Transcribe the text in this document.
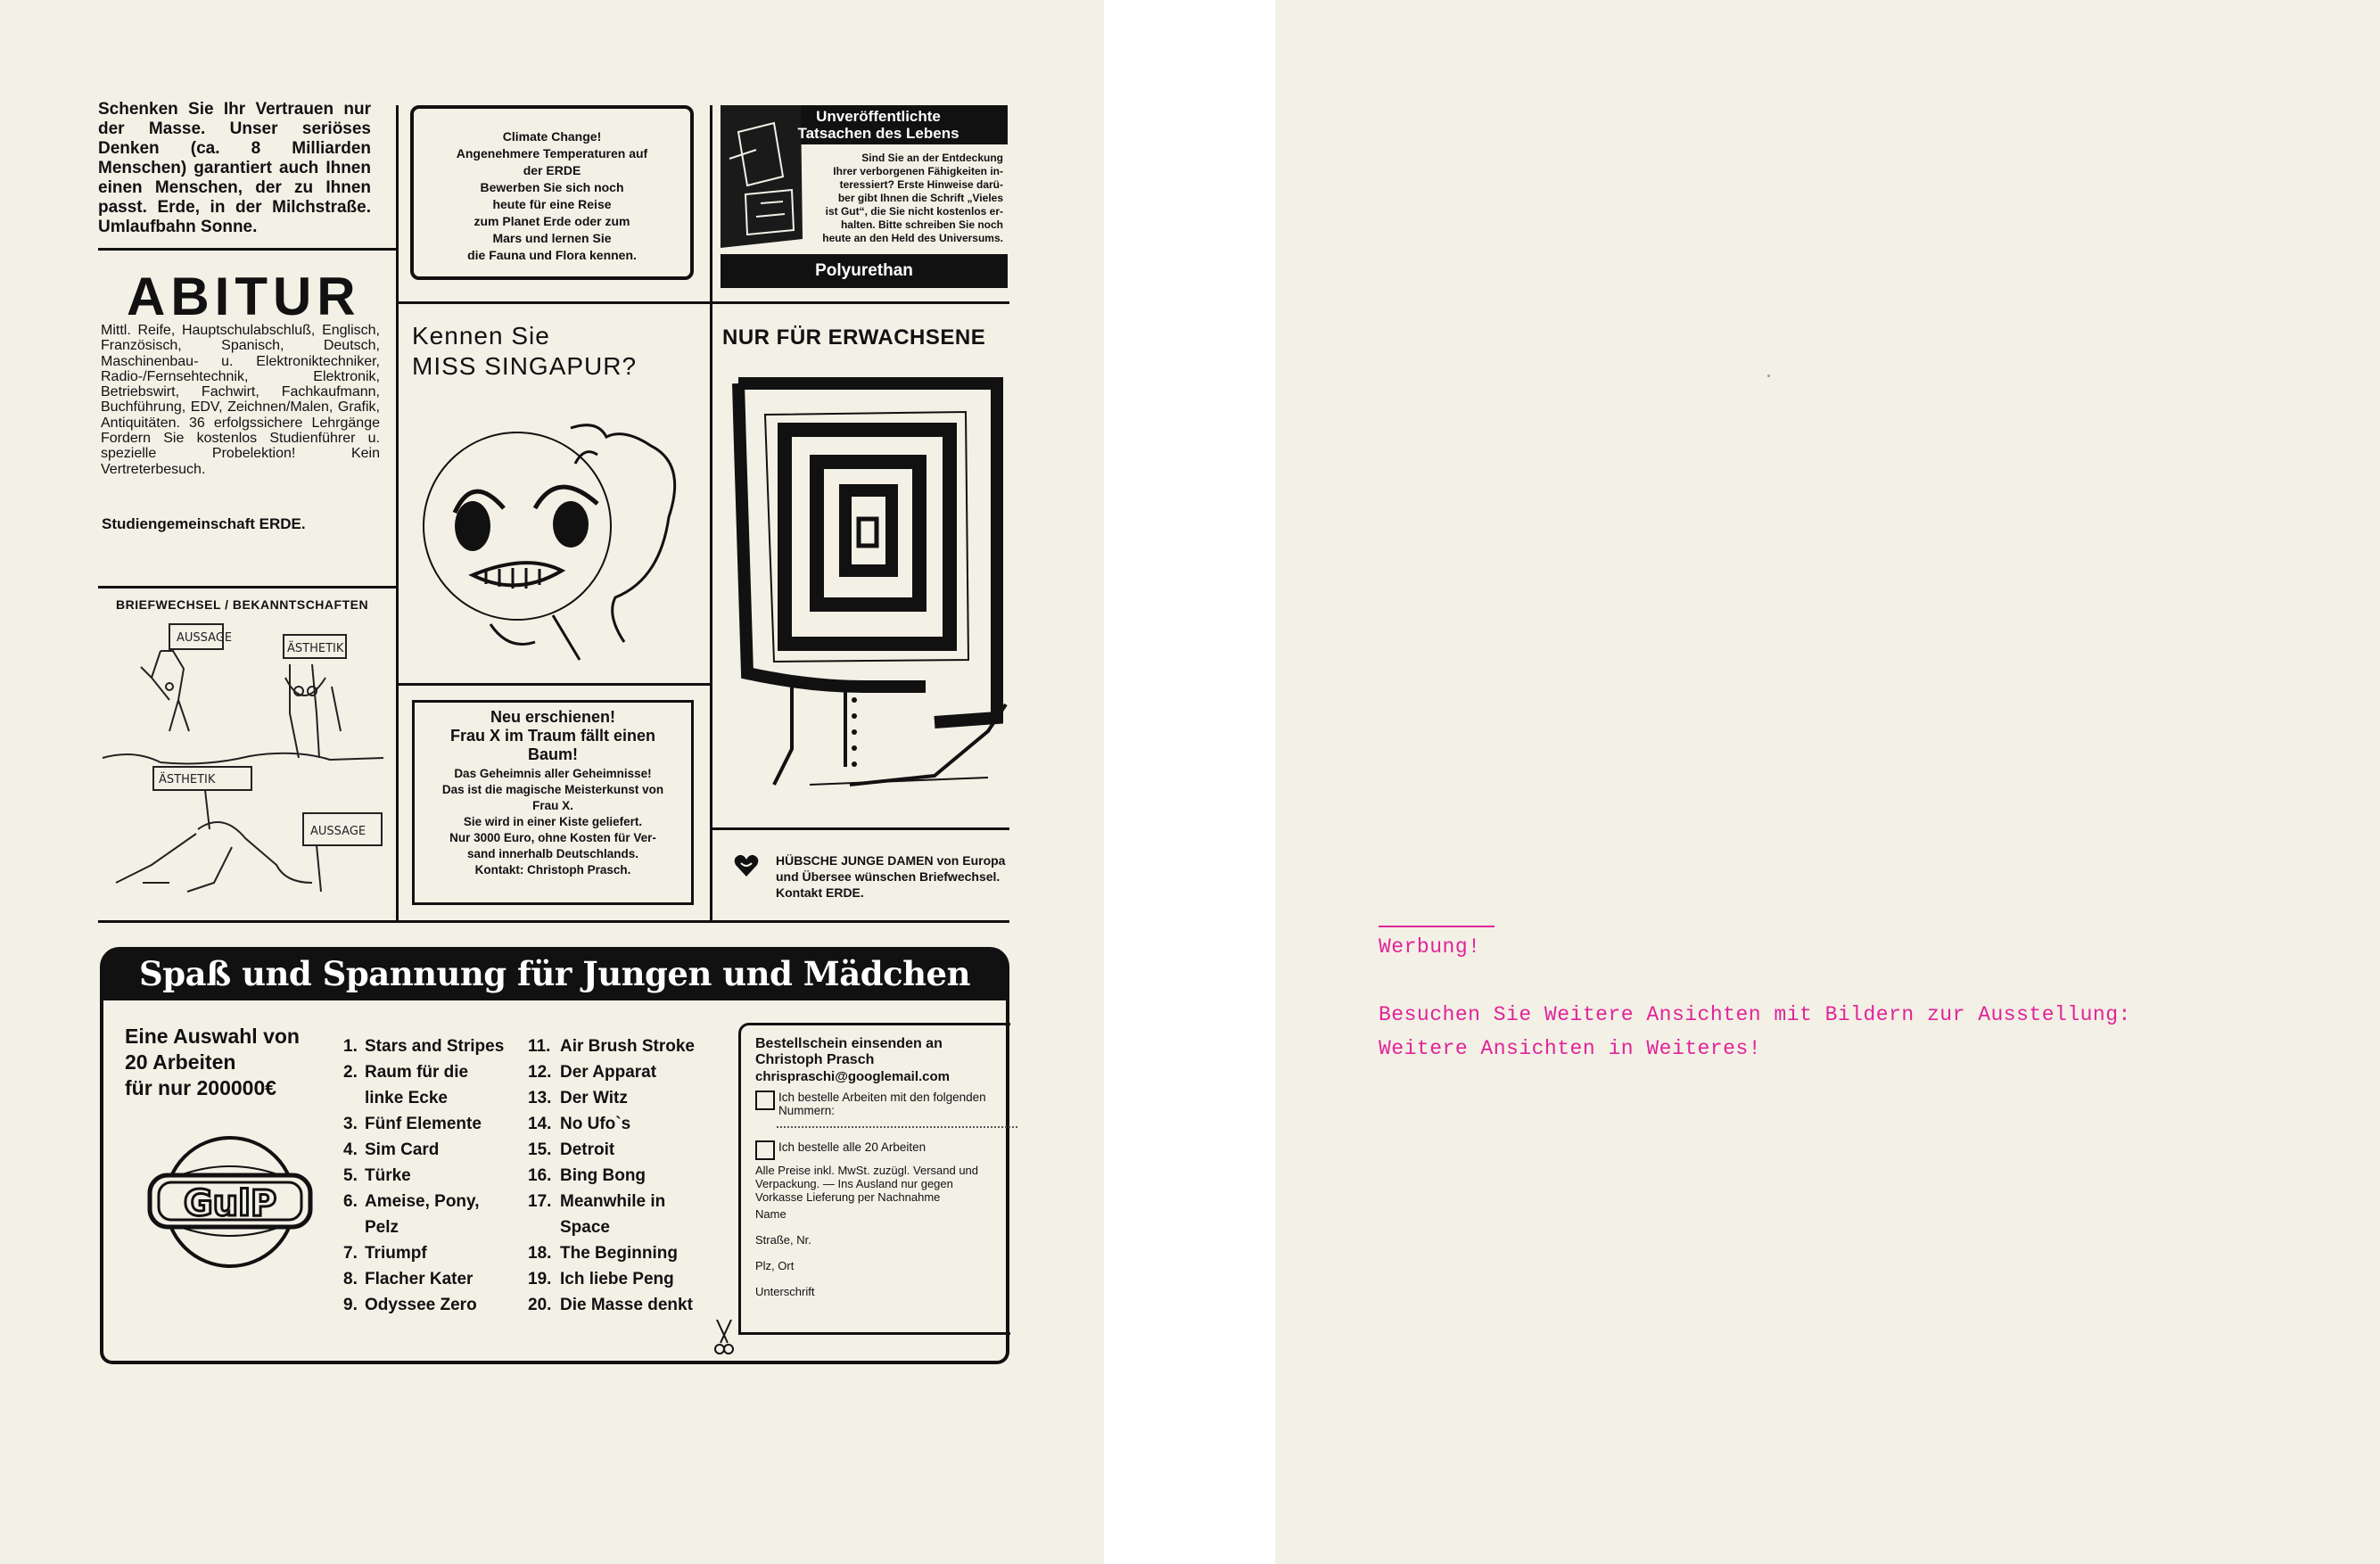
Schenken Sie Ihr Vertrauen nur der Masse. Unser seriöses Denken (ca. 8 Milliarden Menschen) garantiert auch Ihnen einen Menschen, der zu Ihnen passt. Erde, in der Milchstraße. Umlaufbahn Sonne.
ABITUR
Mittl. Reife, Hauptschulabschluß, Englisch, Französisch, Spanisch, Deutsch, Maschinenbau- u. Elektroniktechniker, Radio-/Fernsehtechnik, Elektronik, Betriebswirt, Fachwirt, Fachkaufmann, Buchführung, EDV, Zeichnen/Malen, Grafik, Antiquitäten. 36 erfolgssichere Lehrgänge Fordern Sie kostenlos Studienführer u. spezielle Probelektion! Kein Vertreterbesuch.
Studiengemeinschaft ERDE.
BRIEFWECHSEL / BEKANNTSCHAFTEN
AUSSAGE
ÄSTHETIK
ÄSTHETIK
AUSSAGE
Climate Change!
Angenehmere Temperaturen auf
der ERDE
Bewerben Sie sich noch
heute für eine Reise
zum Planet Erde oder zum
Mars und lernen Sie
die Fauna und Flora kennen.
Kennen Sie
MISS SINGAPUR?
Neu erschienen!
Frau X im Traum fällt einen
Baum!
Das Geheimnis aller Geheimnisse!
Das ist die magische Meisterkunst von
Frau X.
Sie wird in einer Kiste geliefert.
Nur 3000 Euro, ohne Kosten für Ver-
sand innerhalb Deutschlands.
Kontakt: Christoph Prasch.
Unveröffentlichte
Tatsachen des Lebens
Sind Sie an der Entdeckung
Ihrer verborgenen Fähigkeiten in-
teressiert? Erste Hinweise darü-
ber gibt Ihnen die Schrift „Vieles
ist Gut“, die Sie nicht kostenlos er-
halten. Bitte schreiben Sie noch
heute an den Held des Universums.
Polyurethan
NUR FÜR ERWACHSENE
HÜBSCHE JUNGE DAMEN von Europa und Übersee wünschen Briefwechsel. Kontakt ERDE.
Spaß und Spannung für Jungen und Mädchen
Eine Auswahl von
20 Arbeiten
für nur 200000€
GulP
1. Stars and Stripes
2. Raum für die
linke Ecke
3. Fünf Elemente
4. Sim Card
5. Türke
6. Ameise, Pony,
Pelz
7. Triumpf
8. Flacher Kater
9. Odyssee Zero
11. Air Brush Stroke
12. Der Apparat
13. Der Witz
14. No Ufo`s
15. Detroit
16. Bing Bong
17. Meanwhile in
Space
18. The Beginning
19. Ich liebe Peng
20. Die Masse denkt
Bestellschein einsenden an
Christoph Prasch
chrispraschi@googlemail.com
Ich bestelle Arbeiten mit den folgenden Nummern:
Ich bestelle alle 20 Arbeiten
Alle Preise inkl. MwSt. zuzügl. Versand und Verpackung. — Ins Ausland nur gegen Vorkasse Lieferung per Nachnahme
Name
Straße, Nr.
Plz, Ort
Unterschrift
Werbung!
Besuchen Sie Weitere Ansichten mit Bildern zur Ausstellung:
Weitere Ansichten in Weiteres!
